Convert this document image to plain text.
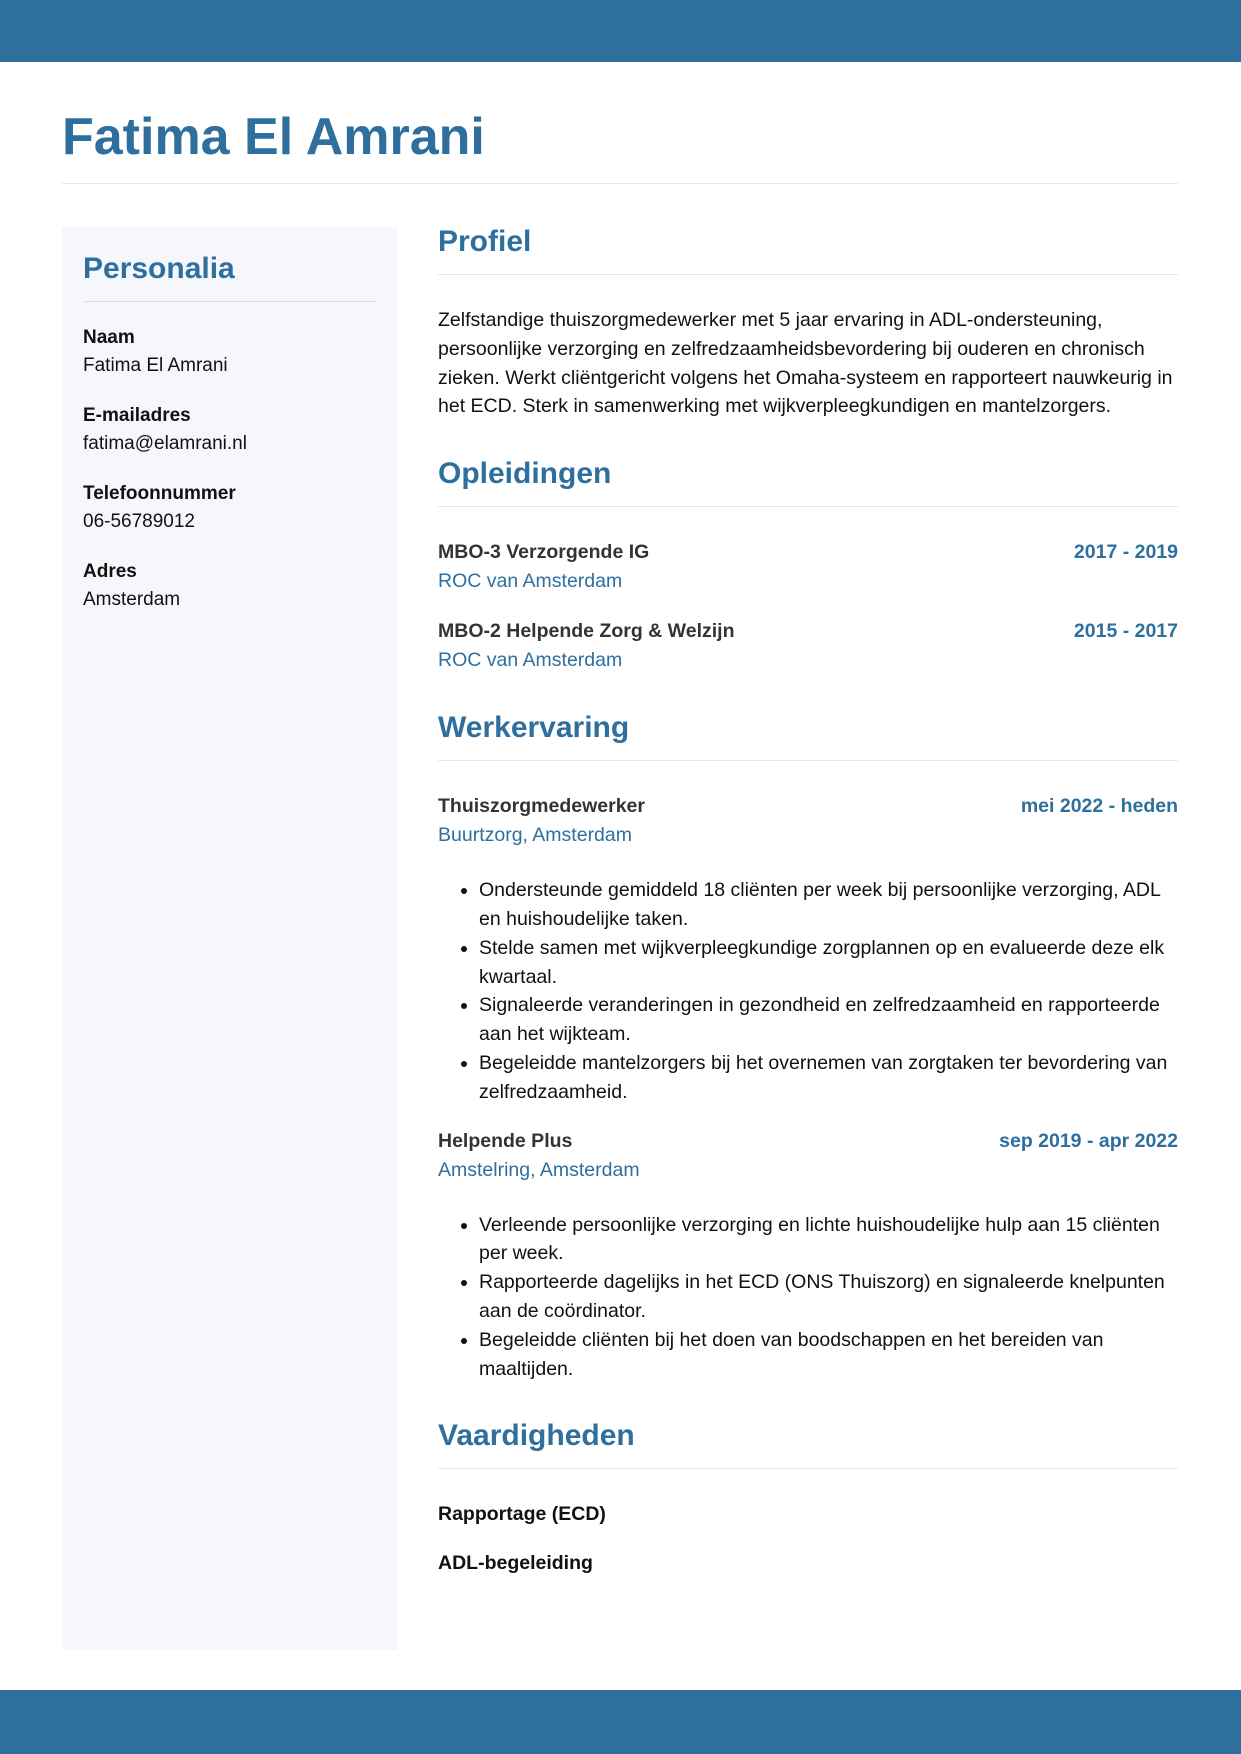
Fatima El Amrani
Personalia
Naam
Fatima El Amrani
E-mailadres
fatima@elamrani.nl
Telefoonnummer
06-56789012
Adres
Amsterdam
Profiel

Zelfstandige thuiszorgmedewerker met 5 jaar ervaring in ADL-ondersteuning, persoonlijke verzorging en zelfredzaamheidsbevordering bij ouderen en chronisch zieken. Werkt cliëntgericht volgens het Omaha-systeem en rapporteert nauwkeurig in het ECD. Sterk in samenwerking met wijkverpleegkundigen en mantelzorgers.

Opleidingen
MBO-3 Verzorgende IG	2017 - 2019
ROC van Amsterdam
MBO-2 Helpende Zorg & Welzijn	2015 - 2017
ROC van Amsterdam
Werkervaring
Thuiszorgmedewerker	mei 2022 - heden
Buurtzorg, Amsterdam
• Ondersteunde gemiddeld 18 cliënten per week bij persoonlijke verzorging, ADL en huishoudelijke taken.
• Stelde samen met wijkverpleegkundige zorgplannen op en evalueerde deze elk kwartaal.
• Signaleerde veranderingen in gezondheid en zelfredzaamheid en rapporteerde aan het wijkteam.
• Begeleidde mantelzorgers bij het overnemen van zorgtaken ter bevordering van zelfredzaamheid.
Helpende Plus	sep 2019 - apr 2022
Amstelring, Amsterdam
• Verleende persoonlijke verzorging en lichte huishoudelijke hulp aan 15 cliënten per week.
• Rapporteerde dagelijks in het ECD (ONS Thuiszorg) en signaleerde knelpunten aan de coördinator.
• Begeleidde cliënten bij het doen van boodschappen en het bereiden van maaltijden.
Vaardigheden
Rapportage (ECD)
ADL-begeleiding
